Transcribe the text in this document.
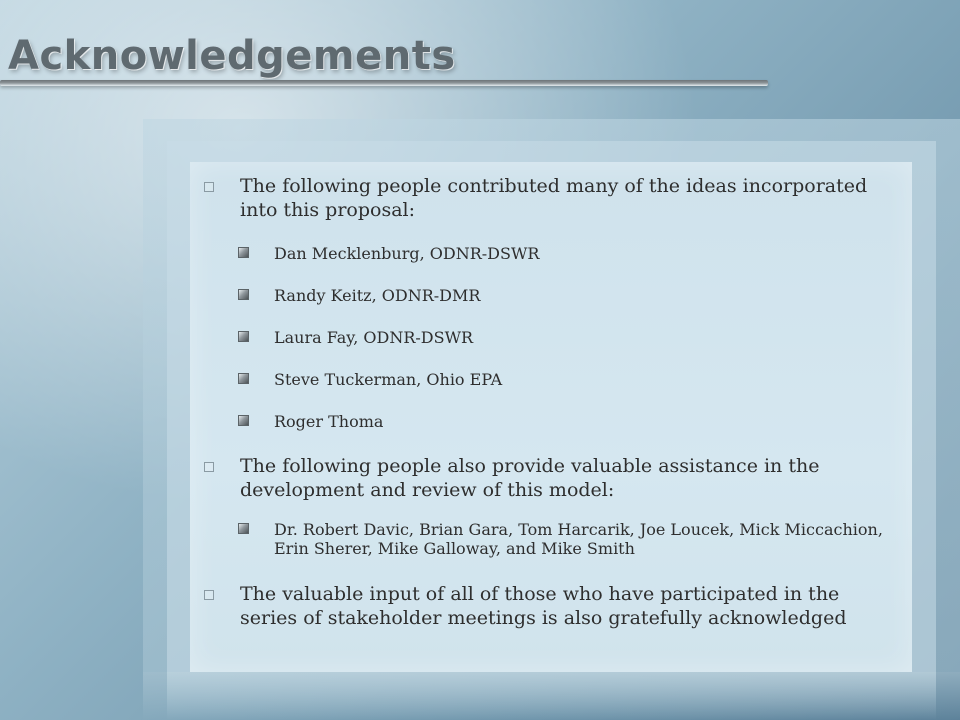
Acknowledgements
The following people contributed many of the ideas incorporated into this proposal:
Dan Mecklenburg, ODNR-DSWR
Randy Keitz, ODNR-DMR
Laura Fay, ODNR-DSWR
Steve Tuckerman, Ohio EPA
Roger Thoma
The following people also provide valuable assistance in the development and review of this model:
Dr. Robert Davic, Brian Gara, Tom Harcarik, Joe Loucek, Mick Miccachion, Erin Sherer, Mike Galloway, and Mike Smith
The valuable input of all of those who have participated in the series of stakeholder meetings is also gratefully acknowledged
